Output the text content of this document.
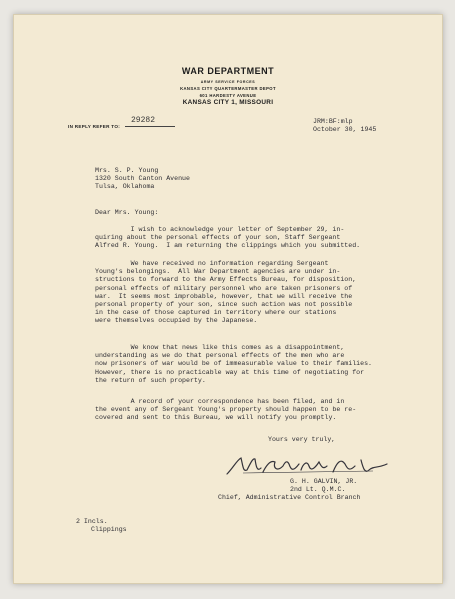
WAR DEPARTMENT
ARMY SERVICE FORCES
KANSAS CITY QUARTERMASTER DEPOT
601 HARDESTY AVENUE
KANSAS CITY 1, MISSOURI
IN REPLY REFER TO:
29282	JRM:BF:mlp
October 30, 1945
Mrs. S. P. Young
1320 South Canton Avenue
Tulsa, Oklahoma
Dear Mrs. Young:
I wish to acknowledge your letter of September 29, in-
quiring about the personal effects of your son, Staff Sergeant
Alfred R. Young.  I am returning the clippings which you submitted.
We have received no information regarding Sergeant
Young's belongings.  All War Department agencies are under in-
structions to forward to the Army Effects Bureau, for disposition,
personal effects of military personnel who are taken prisoners of
war.  It seems most improbable, however, that we will receive the
personal property of your son, since such action was not possible
in the case of those captured in territory where our stations
were themselves occupied by the Japanese.
We know that news like this comes as a disappointment,
understanding as we do that personal effects of the men who are
now prisoners of war would be of immeasurable value to their families.
However, there is no practicable way at this time of negotiating for
the return of such property.
A record of your correspondence has been filed, and in
the event any of Sergeant Young's property should happen to be re-
covered and sent to this Bureau, we will notify you promptly.
Yours very truly,
G. H. GALVIN, JR.
2nd Lt. Q.M.C.
Chief, Administrative Control Branch
2 Incls.
Clippings
